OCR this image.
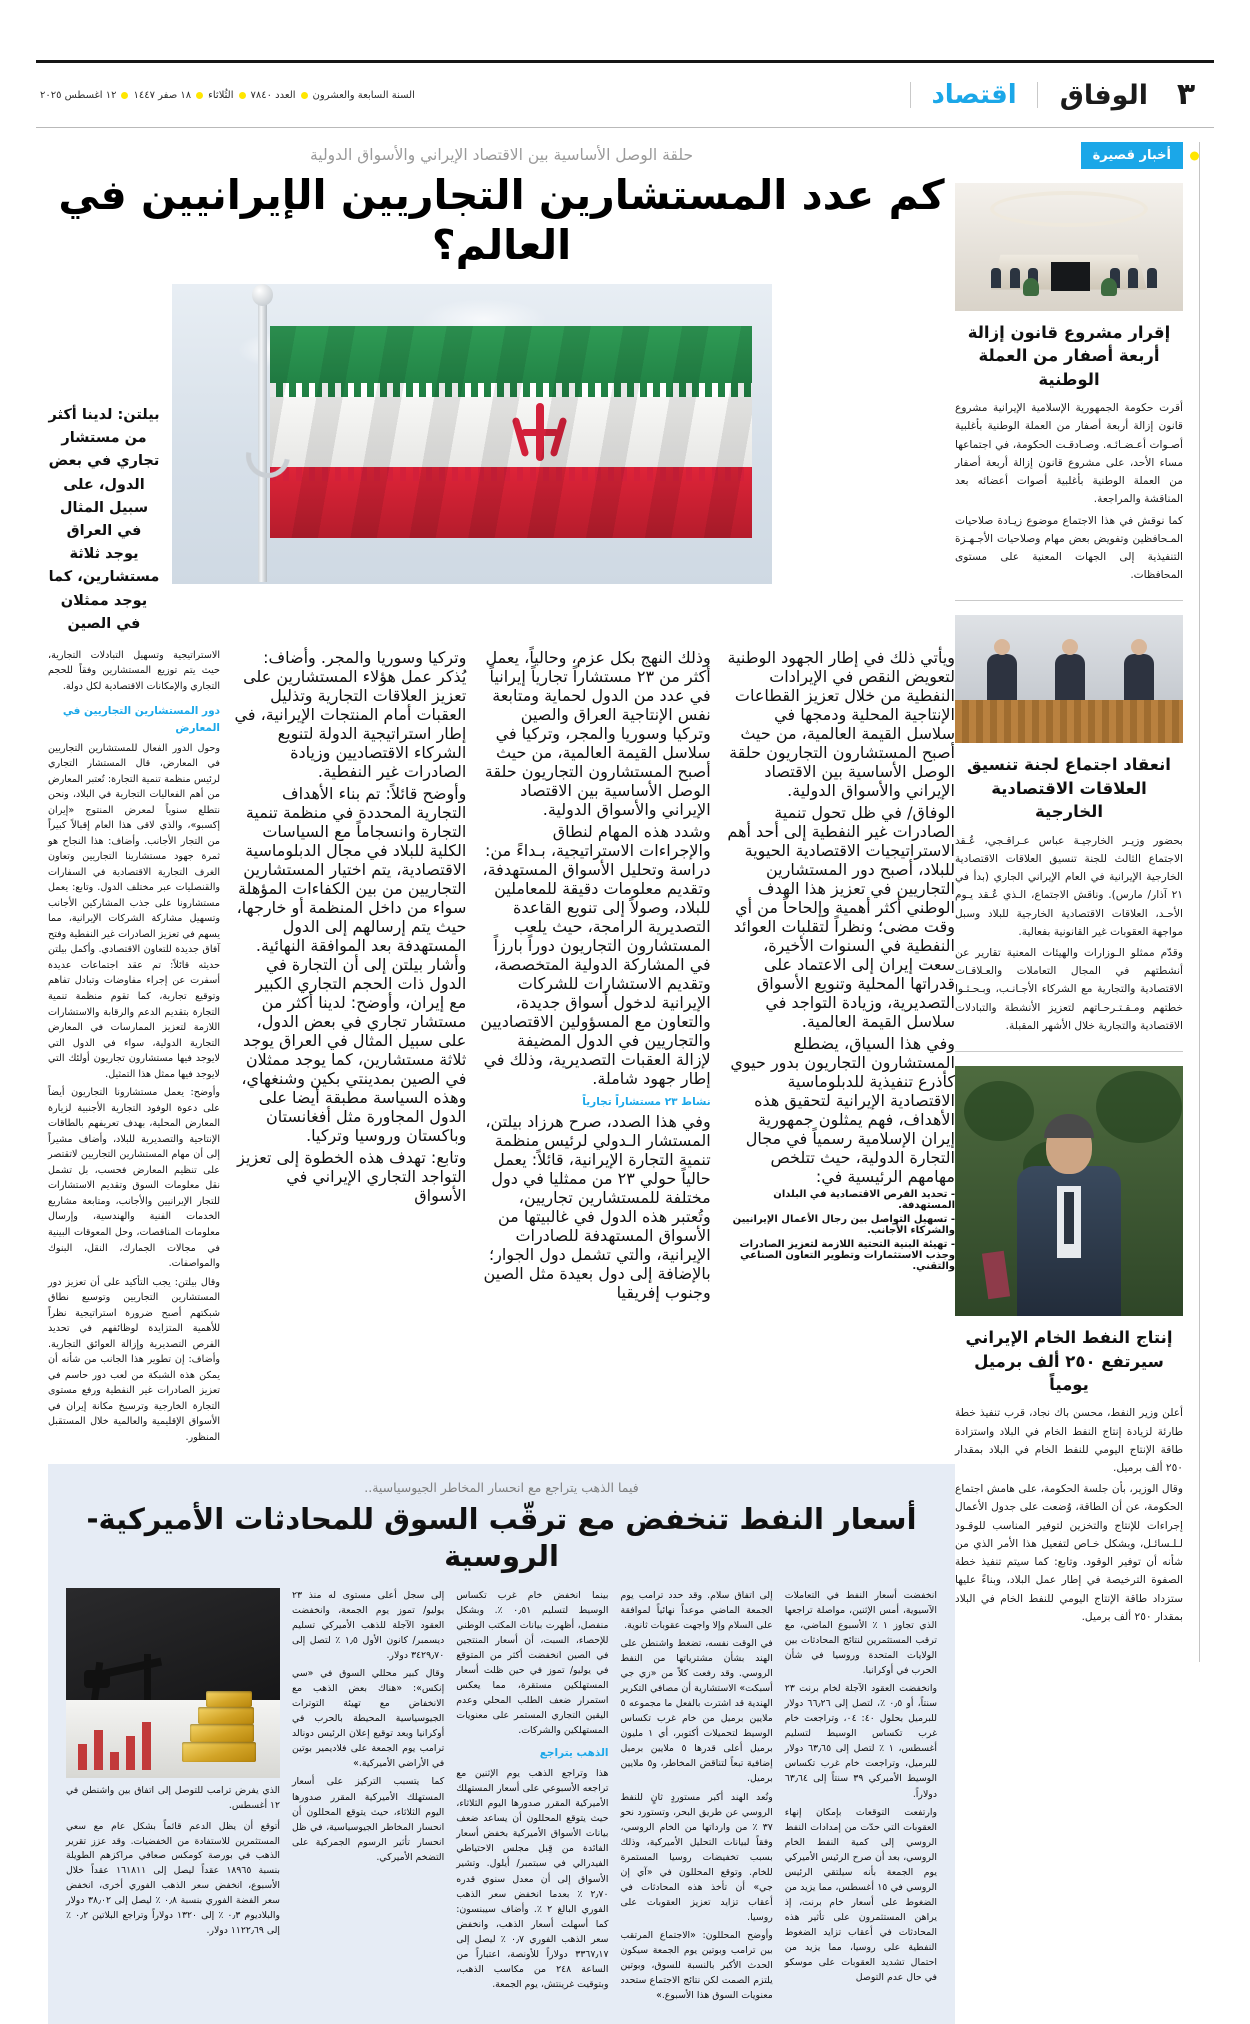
٣
الوفاق
اقتصاد
السنة السابعة والعشرون
العدد ٧٨٤٠
الثُلاثاء
١٨ صفر ١٤٤٧
١٢ اغسطس ٢٠٢٥
أخبار قصيرة
إقرار مشروع قانون إزالة أربعة أصفار من العملة الوطنية

أقرت حكومة الجمهورية الإسلامية الإيرانية مشروع قانون إزالة أربعة أصفار من العملة الوطنية بأغلبية أصـوات أعـضـائـه. وصـادقـت الحكومة، في اجتماعها مساء الأحد، على مشروع قانون إزالة أربعة أصفار من العملة الوطنية بأغلبية أصوات أعضائه بعد المناقشة والمراجعة.

كما نوقش في هذا الاجتماع موضوع زيـادة صلاحيات المـحافظين وتفويض بعض مهام وصلاحيات الأجـهـزة التنفيذية إلى الجهات المعنية على مستوى المحافظات.

انعقاد اجتماع لجنة تنسيق العلاقات الاقتصادية الخارجية

بحضور وزيـر الخارجيـة عباس عـراقـجي، عُـقد الاجتماع الثالث للجنة تنسيق العلاقات الاقتصادية الخارجية الإيرانية في العام الإيراني الجاري (بدأ في ٢١ آذار/ مارس). وناقش الاجتماع، الـذي عُـقد يـوم الأحـد، العلاقات الاقتصادية الخارجية للبلاد وسبل مواجهة العقوبات غير القانونية بفعالية.

وقدّم ممثلو الـوزارات والهيئات المعنية تقارير عن أنشطتهم في المجال التعاملات والعـلاقـات الاقتصادية والتجارية مع الشركاء الأجـانـب، وبـحـثـوا خطتهم ومـقـتـرحـاتهم لتعزيز الأنشطة والتبادلات الاقتصادية والتجارية خلال الأشهر المقبلة.

إنتاج النفط الخام الإيراني سيرتفع ٢٥٠ ألف برميل يومياً

أعلن وزير النفط، محسن باك نجاد، قرب تنفيذ خطة طارئة لزيادة إنتاج النفط الخام في البلاد واستزادة طاقة الإنتاج اليومي للنفط الخام في البلاد بمقدار ٢٥٠ ألف برميل.

وقال الوزير، بأن جلسة الحكومة، على هامش اجتماع الحكومة، عن أن الطاقة، وُضعت على جدول الأعمال إجراءات للإنتاج والتخزين لتوفير المناسب للوقـود لـلـسائـل، وبشكل خـاص لتفعيل هذا الأمر الذي من شأنه أن توفير الوقود. وتابع: كما سيتم تنفيذ خطة الصفوة الترخيصة في إطار عمل البلاد، وبناءً عليها ستزداد طاقة الإنتاج اليومي للنفط الخام في البلاد بمقدار ٢٥٠ ألف برميل.

حلقة الوصل الأساسية بين الاقتصاد الإيراني والأسواق الدولية
كم عدد المستشارين التجاريين الإيرانيين في العالم؟
بيلتن: لدينا أكثر من مستشار تجاري في بعض الدول، على سبيل المثال في العراق يوجد ثلاثة مستشارين، كما يوجد ممثلان في الصين

ويأتي ذلك في إطار الجهود الوطنية لتعويض النقص في الإيرادات النفطية من خلال تعزيز القطاعات الإنتاجية المحلية ودمجها في سلاسل القيمة العالمية، من حيث أصبح المستشارون التجاريون حلقة الوصل الأساسية بين الاقتصاد الإيراني والأسواق الدولية.

الوفاق/ في ظل تحول تنمية الصادرات غير النفطية إلى أحد أهم الاستراتيجيات الاقتصادية الحيوية للبلاد، أصبح دور المستشارين التجاريين في تعزيز هذا الهدف الوطني أكثر أهمية وإلحاحاً من أي وقت مضى؛ ونظراً لتقلبات العوائد النفطية في السنوات الأخيرة، سعت إيران إلى الاعتماد على قدراتها المحلية وتنويع الأسواق التصديرية، وزيادة التواجد في سلاسل القيمة العالمية.

وفي هذا السياق، يضطلع المستشارون التجاريون بدور حيوي كأذرع تنفيذية للدبلوماسية الاقتصادية الإيرانية لتحقيق هذه الأهداف، فهم يمثلون جمهورية إيران الإسلامية رسمياً في مجال التجارة الدولية، حيث تتلخص مهامهم الرئيسية في:

- تحديد الفرص الاقتصادية في البلدان المستهدفة.

- تسهيل التواصل بين رجال الأعمال الإيرانيين والشركاء الأجانب.

- تهيئة البنية التحتية اللازمة لتعزيز الصادرات وجذب الاستثمارات وتطوير التعاون الصناعي والتقني.

وذلك النهج بكل عزم، وحالياً، يعمل أكثر من ٢٣ مستشاراً تجارياً إيرانياً في عدد من الدول لحماية ومتابعة نفس الإنتاجية العراق والصين وتركيا وسوريا والمجر، وتركيا في سلاسل القيمة العالمية، من حيث أصبح المستشارون التجاريون حلقة الوصل الأساسية بين الاقتصاد الإيراني والأسواق الدولية.

وشدد هذه المهام لنطاق والإجراءات الاستراتيجية، بـداءً من: دراسة وتحليل الأسواق المستهدفة، وتقديم معلومات دقيقة للمعاملين للبلاد، وصولاً إلى تنويع القاعدة التصديرية الرامجة، حيث يلعب المستشارون التجاريون دوراً بارزاً في المشاركة الدولية المتخصصة، وتقديم الاستشارات للشركات الإيرانية لدخول أسواق جديدة، والتعاون مع المسؤولين الاقتصاديين والتجاريين في الدول المضيفة لإزالة العقبات التصديرية، وذلك في إطار جهود شاملة.

نشاط ٢٣ مستشاراً تجارياً

وفي هذا الصدد، صرح هرزاد بيلتن، المستشار الـدولي لرئيس منظمة تنمية التجارة الإيرانية، قائلاً: يعمل حالياً حولي ٢٣ من ممثليا في دول مختلفة للمستشارين تجاريين، وتُعتبر هذه الدول في غالبيتها من الأسواق المستهدفة للصادرات الإيرانية، والتي تشمل دول الجوار؛ بالإضافة إلى دول بعيدة مثل الصين وجنوب إفريقيا

وتركيا وسوريا والمجر. وأضاف: يُذكر عمل هؤلاء المستشارين على تعزيز العلاقات التجارية وتذليل العقبات أمام المنتجات الإيرانية، في إطار استراتيجية الدولة لتنويع الشركاء الاقتصاديين وزيادة الصادرات غير النفطية.

وأوضح قائلاً: تم بناء الأهداف التجارية المحددة في منظمة تنمية التجارة وانسجاماً مع السياسات الكلية للبلاد في مجال الدبلوماسية الاقتصادية، يتم اختيار المستشارين التجاريين من بين الكفاءات المؤهلة سواء من داخل المنظمة أو خارجها، حيث يتم إرسالهم إلى الدول المستهدفة بعد الموافقة النهائية. وأشار بيلتن إلى أن التجارة في الدول ذات الحجم التجاري الكبير مع إيران، وأوضح: لدينا أكثر من مستشار تجاري في بعض الدول، على سبيل المثال في العراق يوجد ثلاثة مستشارين، كما يوجد ممثلان في الصين بمدينتي بكين وشنغهاي، وهذه السياسة مطبقة أيضا على الدول المجاورة مثل أفغانستان وباكستان وروسيا وتركيا.

وتابع: تهدف هذه الخطوة إلى تعزيز التواجد التجاري الإيراني في الأسواق

الاستراتيجية وتسهيل التبادلات التجارية، حيث يتم توزيع المستشارين وفقاً للحجم التجاري والإمكانات الاقتصادية لكل دولة.

دور المستشارين التجاريين في المعارض

وحول الدور الفعال للمستشارين التجاريين في المعارض، قال المستشار التجاري لرئيس منظمة تنمية التجارة: تُعتبر المعارض من أهم الفعاليات التجارية في البلاد، ونحن نتطلع سنوياً لمعرض المنتوج «إيران إكسبو»، والذي لاقى هذا العام إقبالاً كبيراً من التجار الأجانب. وأضاف: هذا النجاح هو ثمرة جهود مستشارينا التجاريين وتعاون الغرف التجارية الاقتصادية في السفارات والقنصليات عبر مختلف الدول. وتابع: يعمل مستشارونا على جذب المشاركين الأجانب وتسهيل مشاركة الشركات الإيرانية، مما يسهم في تعزيز الصادرات غير النفطية وفتح آفاق جديدة للتعاون الاقتصادي. وأكمل بيلتن حديثه قائلاً: تم عقد اجتماعات عديدة أسفرت عن إجراء مفاوضات وتبادل تفاهم وتوقيع تجارية، كما تقوم منظمة تنمية التجارة بتقديم الدعم والرقابة والاستشارات اللازمة لتعزيز الممارسات في المعارض التجارية الدولية، سواء في الدول التي لايوجد فيها مستشارون تجاريون أولئك التي لايوجد فيها ممثل هذا التمثيل.

وأوضح: يعمل مستشارونا التجاريون أيضاً على دعوة الوفود التجارية الأجنبية لزيارة المعارض المحلية، بهدف تعريفهم بالطاقات الإنتاجية والتصديرية للبلاد، وأضاف مشيراً إلى أن مهام المستشارين التجاريين لاتقتصر على تنظيم المعارض فحسب، بل تشمل نقل معلومات السوق وتقديم الاستشارات للتجار الإيرانيين والأجانب، ومتابعة مشاريع الخدمات الفنية والهندسية، وإرسال معلومات المناقصات، وحل المعوقات البينية في مجالات الجمارك، النقل، البنوك والمواصفات.

وقال بيلتن: يجب التأكيد على أن تعزيز دور المستشارين التجاريين وتوسيع نطاق شبكتهم أصبح ضرورة استراتيجية نظراً للأهمية المتزايدة لوظائفهم في تحديد الفرص التصديرية وإزالة العوائق التجارية. وأضاف: إن تطوير هذا الجانب من شأنه أن يمكن هذه الشبكة من لعب دور حاسم في تعزيز الصادرات غير النفطية ورفع مستوى التجارة الخارجية وترسيخ مكانة إيران في الأسواق الإقليمية والعالمية خلال المستقبل المنظور.

فيما الذهب يتراجع مع انحسار المخاطر الجيوسياسية..
أسعار النفط تنخفض مع ترقّب السوق للمحادثات الأميركية-الروسية

انخفضت أسعار النفط في التعاملات الآسيوية، أمس الإثنين، مواصلة تراجعها الذي تجاوز ١ ٪ الأسبوع الماضي، مع ترقب المستثمرين لنتائج المحادثات بين الولايات المتحدة وروسيا في شأن الحرب في أوكرانيا.

وانخفضت العقود الآجلة لخام برنت ٢٣ سنتاً، أو ٠٫٥ ٪، لتصل إلى ٦٦٫٢٦ دولار للبرميل بحلول ٤٠: ٠٤، وتراجعت خام غرب تكساس الوسيط لتسليم أغسطس، ١ ٪ لتصل إلى ٦٣٫٦٥ دولار للبرميل، وتراجعت خام غرب تكساس الوسيط الأميركي ٣٩ سنتاً إلى ٦٣٫٦٤ دولاراً.

وارتفعت التوقعات بإمكان إنهاء العقوبات التي حدّت من إمدادات النفط الروسي إلى كمية النفط الخام الروسي، بعد أن صرح الرئيس الأميركي يوم الجمعة بأنه سيلتقي الرئيس الروسي في ١٥ أغسطس، مما يزيد من الضغوط على أسعار خام برنت، إذ يراهن المستثمرون على تأثير هذه المحادثات في أعقاب تزايد الضغوط النفطية على روسيا، مما يزيد من احتمال تشديد العقوبات على موسكو في حال عدم التوصل

إلى اتفاق سلام. وقد حدد ترامب يوم الجمعة الماضي موعداً نهائياً لموافقة على السلام وإلا واجهت عقوبات ثانوية.

في الوقت نفسه، تضغط واشنطن على الهند بشأن مشترياتها من النفط الروسي. وقد رفعت كلاً من «زي جي أسبكت» الاستشارية أن مصافي التكرير الهندية قد اشترت بالفعل ما مجموعه ٥ ملايين برميل من خام غرب تكساس الوسيط لتحميلات أكتوبر، أي ١ مليون برميل أعلى قدرها ٥ ملايين برميل إضافية تبعاً لتناقض المخاطر، و٥ ملايين برميل.

وتُعد الهند أكبر مستوردٍ ثانٍ للنفط الروسي عن طريق البحر، وتستورد نحو ٣٧ ٪ من وارداتها من الخام الروسي، وفقاً لبيانات التحليل الأميركية، وذلك بسبب تخفيضات روسيا المستمرة للخام. وتوقع المحللون في «آي إن جي» أن تأخذ هذه المحادثات في أعقاب تزايد تعزيز العقوبات على روسيا.

وأوضح المحللون: «الاجتماع المرتقب بين ترامب وبوتين يوم الجمعة سيكون الحدث الأكبر بالنسبة للسوق، وبوتين يلتزم الصمت لكن نتائج الاجتماع ستحدد معنويات السوق هذا الأسبوع.»

بينما انخفض خام غرب تكساس الوسيط لتسليم ٠٫٥١ ٪. وبشكل منفصل، أظهرت بيانات المكتب الوطني للإحصاء، السبت، أن أسعار المنتجين في الصين انخفضت أكثر من المتوقع في يوليو/ تموز في حين ظلت أسعار المستهلكين مستقرة، مما يعكس استمرار ضعف الطلب المحلي وعدم اليقين التجاري المستمر على معنويات المستهلكين والشركات.

الذهب يتراجع

هذا وتراجع الذهب يوم الإثنين مع تراجعه الأسبوعي على أسعار المستهلك الأميركية المقرر صدورها اليوم الثلاثاء، حيث يتوقع المحللون أن يساعد ضعف بيانات الأسواق الأميركية بخفض أسعار الفائدة من قِبل مجلس الاحتياطي الفيدرالي في سبتمبر/ أيلول. وتشير الأسواق إلى أن معدل سنوي قدره ٢٫٧٠ ٪ بعدما انخفض سعر الذهب الفوري البالغ ٢ ٪. وأضاف سيبنسون: كما أسهلت أسعار الذهب، وانخفض سعر الذهب الفوري ٠٫٧ ٪ ليصل إلى ٣٣٦٧٫١٧ دولاراً للأونصة، اعتباراً من الساعة ٢٤٨ من مكاسب الذهب، وبتوقيت غرينتش، يوم الجمعة.

إلى سجل أعلى مستوى له منذ ٢٣ يوليو/ تموز يوم الجمعة، وانخفضت العقود الآجلة للذهب الأميركي تسليم ديسمبر/ كانون الأول ١٫٥ ٪ لتصل إلى ٣٤٢٩٫٧٠ دولار.

وقال كبير محللي السوق في «سي إنكس»: «هناك بعض الذهب مع الانخفاض مع تهيئة التوترات الجيوسياسية المحيطة بالحرب في أوكرانيا وبعد توقيع إعلان الرئيس دونالد ترامب يوم الجمعة على فلاديمير بوتين في الأراضي الأميركية.»

كما يتسبب التركيز على أسعار المستهلك الأميركية المقرر صدورها اليوم الثلاثاء، حيث يتوقع المحللون أن انحسار المخاطر الجيوسياسية، في ظل انحسار تأثير الرسوم الجمركية على التضخم الأميركي.

الذي يفرض ترامب للتوصل إلى اتفاق بين واشنطن في ١٢ أغسطس.
أتوقع أن يظل الدعم قائماً بشكل عام مع سعي المستثمرين للاستفادة من الخفضيات. وقد عزز تقرير الذهب في بورصة كومكس صعافي مراكزهم الطويلة بنسبة ١٨٩٦٥ عقداً ليصل إلى ١٦١٨١١ عقداً خلال الأسبوع، انخفض سعر الذهب الفوري أخرى، انخفض سعر الفضة الفوري بنسبة ٠٫٨ ٪ ليصل إلى ٣٨٫٠٢ دولار والبلاديوم ٠٫٣ ٪ إلى ١٣٢٠ دولاراً وتراجع البلاتين ٠٫٢ ٪ إلى ١١٢٢٫٦٩ دولار.
